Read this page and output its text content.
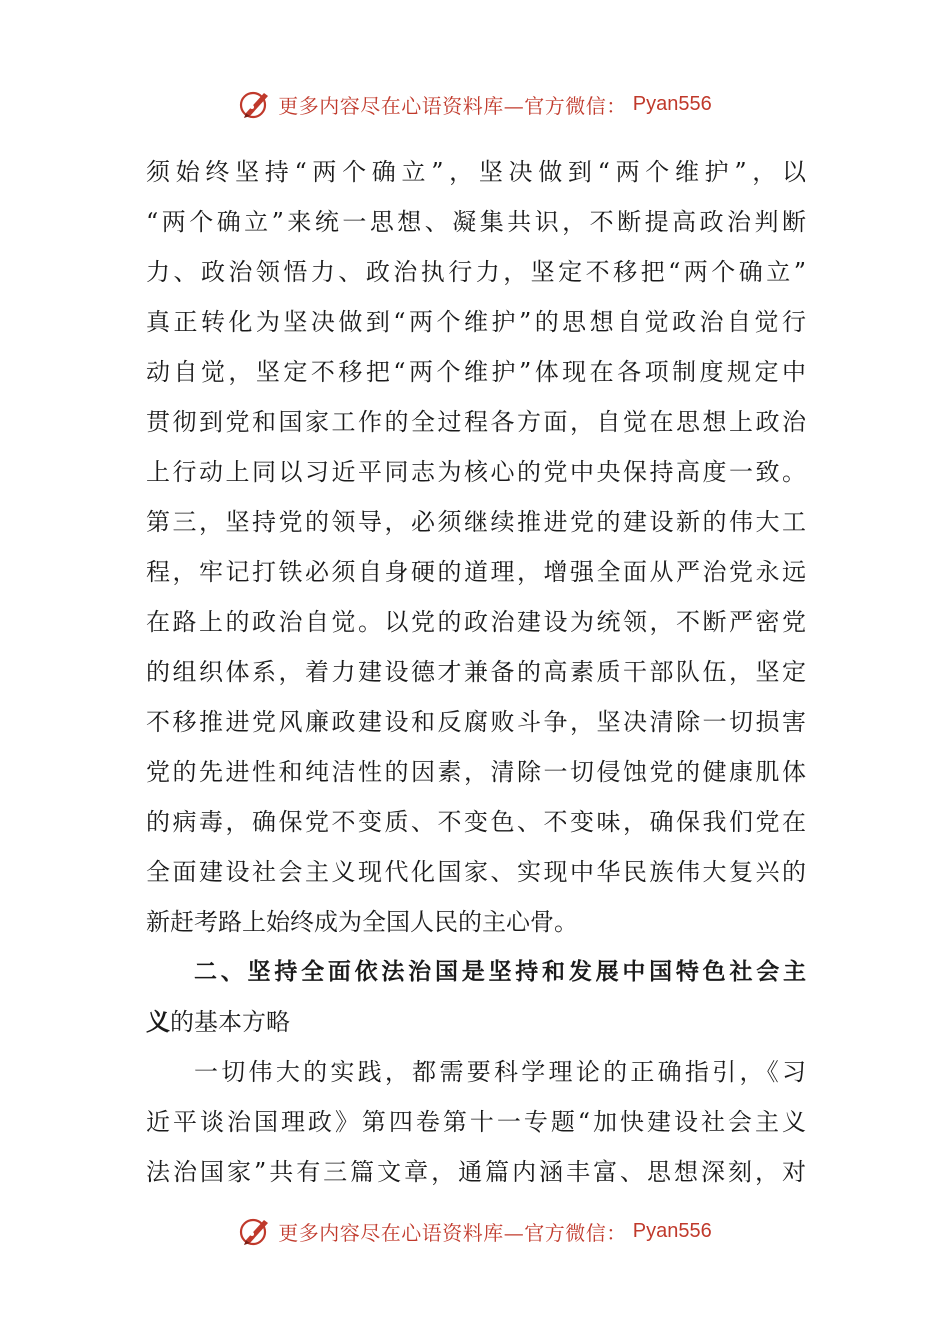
更多内容尽在心语资料库—官方微信： Pyan556
须始终坚持“两个确立”，坚决做到“两个维护”，以
“两个确立”来统一思想、凝集共识，不断提高政治判断
力、政治领悟力、政治执行力，坚定不移把“两个确立”
真正转化为坚决做到“两个维护”的思想自觉政治自觉行
动自觉，坚定不移把“两个维护”体现在各项制度规定中
贯彻到党和国家工作的全过程各方面，自觉在思想上政治
上行动上同以习近平同志为核心的党中央保持高度一致。
第三，坚持党的领导，必须继续推进党的建设新的伟大工
程，牢记打铁必须自身硬的道理，增强全面从严治党永远
在路上的政治自觉。以党的政治建设为统领，不断严密党
的组织体系，着力建设德才兼备的高素质干部队伍，坚定
不移推进党风廉政建设和反腐败斗争，坚决清除一切损害
党的先进性和纯洁性的因素，清除一切侵蚀党的健康肌体
的病毒，确保党不变质、不变色、不变味，确保我们党在
全面建设社会主义现代化国家、实现中华民族伟大复兴的
新赶考路上始终成为全国人民的主心骨。
二、坚持全面依法治国是坚持和发展中国特色社会主
义的基本方略
一切伟大的实践，都需要科学理论的正确指引，《习
近平谈治国理政》第四卷第十一专题“加快建设社会主义
法治国家”共有三篇文章，通篇内涵丰富、思想深刻，对
更多内容尽在心语资料库—官方微信： Pyan556
